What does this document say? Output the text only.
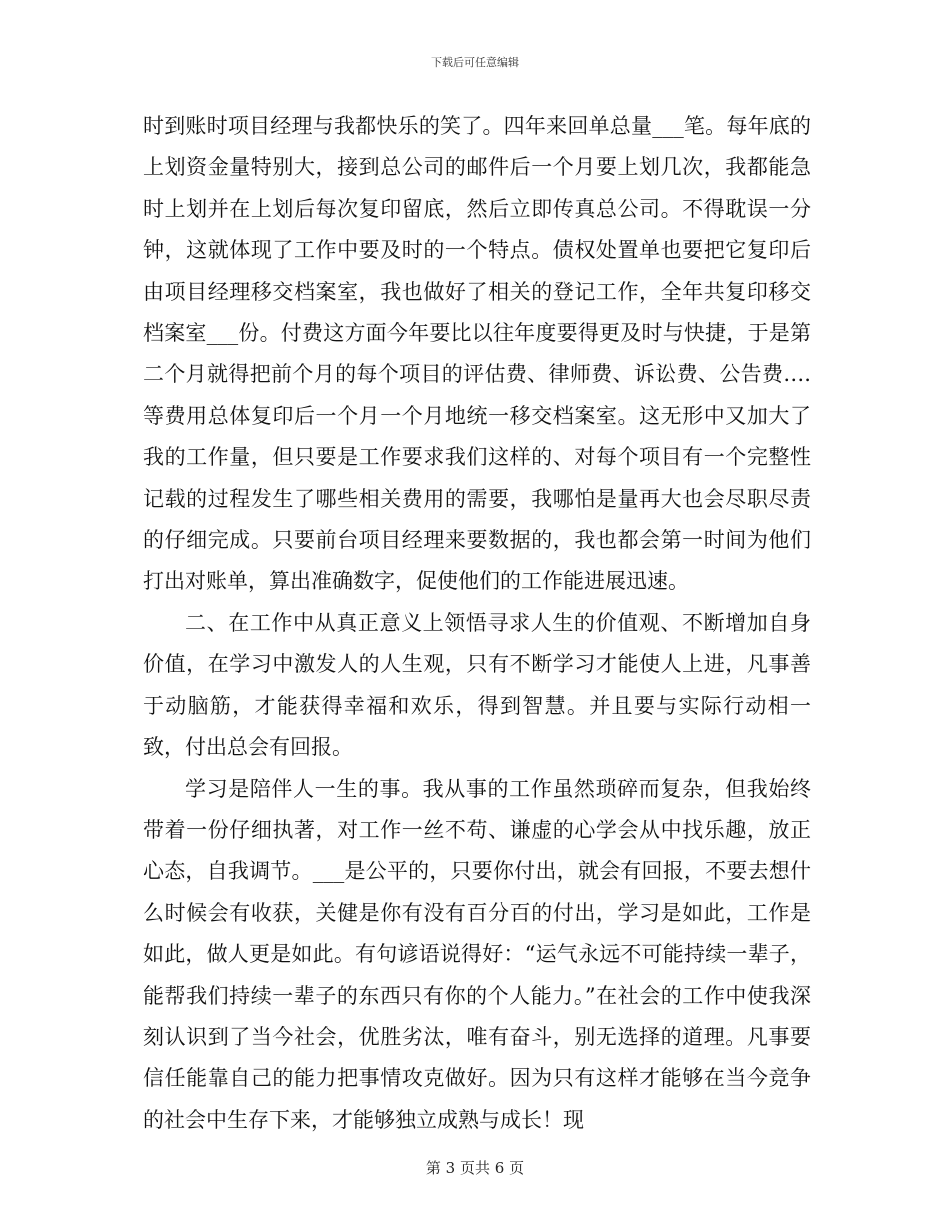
下载后可任意编辑

时到账时项目经理与我都快乐的笑了。四年来回单总量___笔。每年底的上划资金量特别大，接到总公司的邮件后一个月要上划几次，我都能急时上划并在上划后每次复印留底，然后立即传真总公司。不得耽误一分钟，这就体现了工作中要及时的一个特点。债权处置单也要把它复印后由项目经理移交档案室，我也做好了相关的登记工作，全年共复印移交档案室___份。付费这方面今年要比以往年度要得更及时与快捷，于是第二个月就得把前个月的每个项目的评估费、律师费、诉讼费、公告费….等费用总体复印后一个月一个月地统一移交档案室。这无形中又加大了我的工作量，但只要是工作要求我们这样的、对每个项目有一个完整性记载的过程发生了哪些相关费用的需要，我哪怕是量再大也会尽职尽责的仔细完成。只要前台项目经理来要数据的，我也都会第一时间为他们打出对账单，算出准确数字，促使他们的工作能进展迅速。

二、在工作中从真正意义上领悟寻求人生的价值观、不断增加自身价值，在学习中激发人的人生观，只有不断学习才能使人上进，凡事善于动脑筋，才能获得幸福和欢乐，得到智慧。并且要与实际行动相一致，付出总会有回报。

学习是陪伴人一生的事。我从事的工作虽然琐碎而复杂，但我始终带着一份仔细执著，对工作一丝不苟、谦虚的心学会从中找乐趣，放正心态，自我调节。___是公平的，只要你付出，就会有回报，不要去想什么时候会有收获，关健是你有没有百分百的付出，学习是如此，工作是如此，做人更是如此。有句谚语说得好：“运气永远不可能持续一辈子，能帮我们持续一辈子的东西只有你的个人能力。”在社会的工作中使我深刻认识到了当今社会，优胜劣汰，唯有奋斗，别无选择的道理。凡事要信任能靠自己的能力把事情攻克做好。因为只有这样才能够在当今竞争的社会中生存下来，才能够独立成熟与成长！现

第 3 页共 6 页
